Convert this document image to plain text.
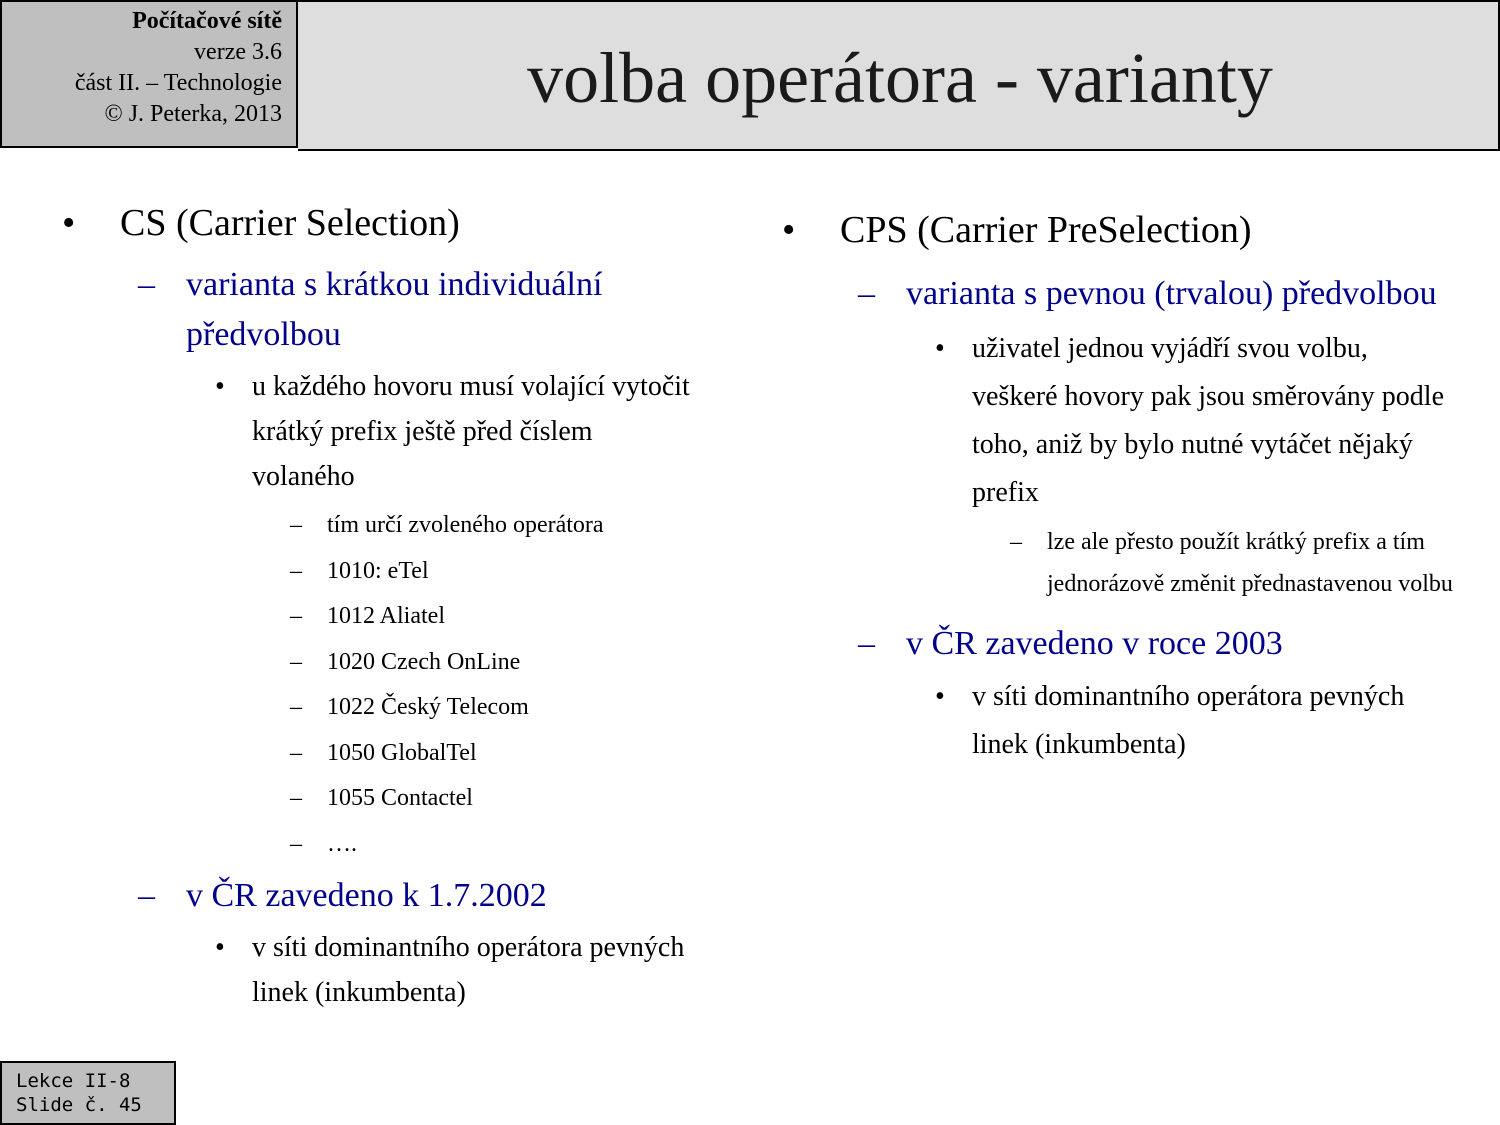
Počítačové sítě
verze 3.6
část II. – Technologie
© J. Peterka, 2013	volba operátora - varianty
• CS (Carrier Selection)
– varianta s krátkou individuální předvolbou
• u každého hovoru musí volající vytočit krátký prefix ještě před číslem volaného
– tím určí zvoleného operátora
– 1010: eTel
– 1012 Aliatel
– 1020 Czech OnLine
– 1022 Český Telecom
– 1050 GlobalTel
– 1055 Contactel
– ….
– v ČR zavedeno k 1.7.2002
• v síti dominantního operátora pevných linek (inkumbenta)
• CPS (Carrier PreSelection)
– varianta s pevnou (trvalou) předvolbou
• uživatel jednou vyjádří svou volbu, veškeré hovory pak jsou směrovány podle toho, aniž by bylo nutné vytáčet nějaký prefix
– lze ale přesto použít krátký prefix a tím jednorázově změnit přednastavenou volbu
– v ČR zavedeno v roce 2003
• v síti dominantního operátora pevných linek (inkumbenta)
Lekce II-8
Slide č. 45
